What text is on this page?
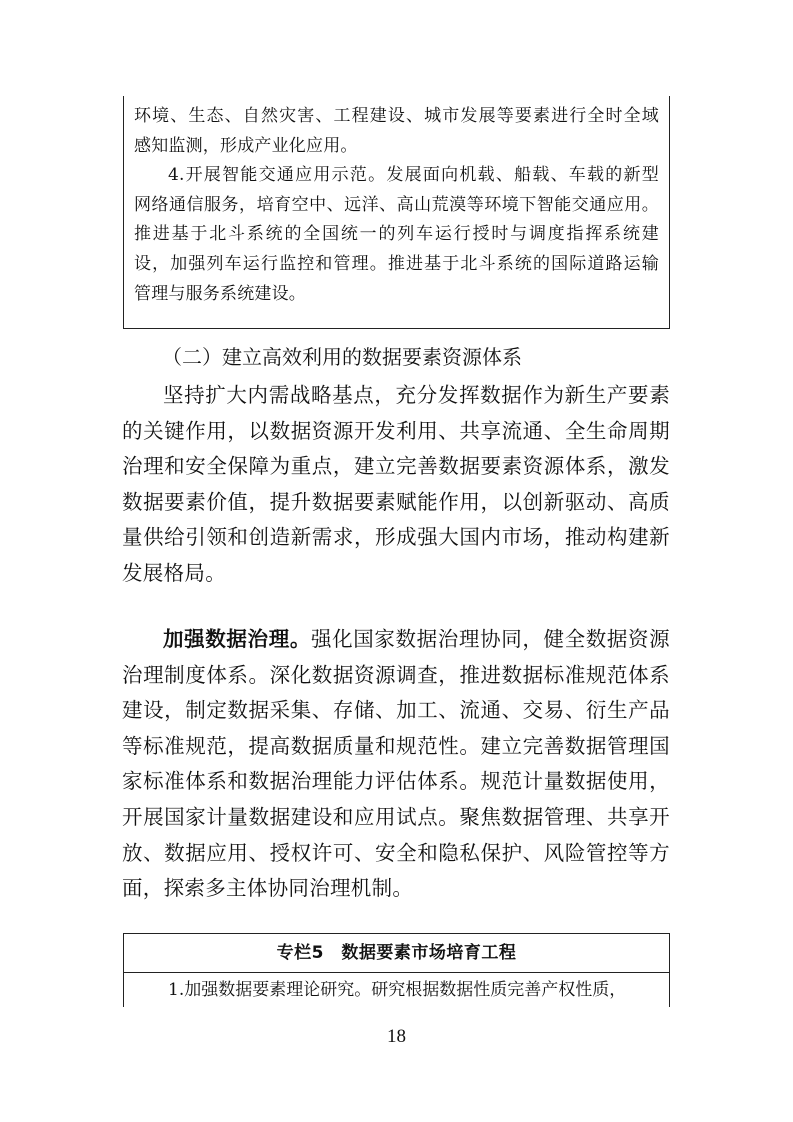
环境、生态、自然灾害、工程建设、城市发展等要素进行全时全域

感知监测，形成产业化应用。

4.开展智能交通应用示范。发展面向机载、船载、车载的新型

网络通信服务，培育空中、远洋、高山荒漠等环境下智能交通应用。

推进基于北斗系统的全国统一的列车运行授时与调度指挥系统建

设，加强列车运行监控和管理。推进基于北斗系统的国际道路运输

管理与服务系统建设。

（二）建立高效利用的数据要素资源体系
坚持扩大内需战略基点，充分发挥数据作为新生产要素
的关键作用，以数据资源开发利用、共享流通、全生命周期
治理和安全保障为重点，建立完善数据要素资源体系，激发
数据要素价值，提升数据要素赋能作用，以创新驱动、高质
量供给引领和创造新需求，形成强大国内市场，推动构建新
发展格局。
加强数据治理。强化国家数据治理协同，健全数据资源
治理制度体系。深化数据资源调查，推进数据标准规范体系
建设，制定数据采集、存储、加工、流通、交易、衍生产品
等标准规范，提高数据质量和规范性。建立完善数据管理国
家标准体系和数据治理能力评估体系。规范计量数据使用，
开展国家计量数据建设和应用试点。聚焦数据管理、共享开
放、数据应用、授权许可、安全和隐私保护、风险管控等方
面，探索多主体协同治理机制。
专栏5　数据要素市场培育工程

1.加强数据要素理论研究。研究根据数据性质完善产权性质，

18
